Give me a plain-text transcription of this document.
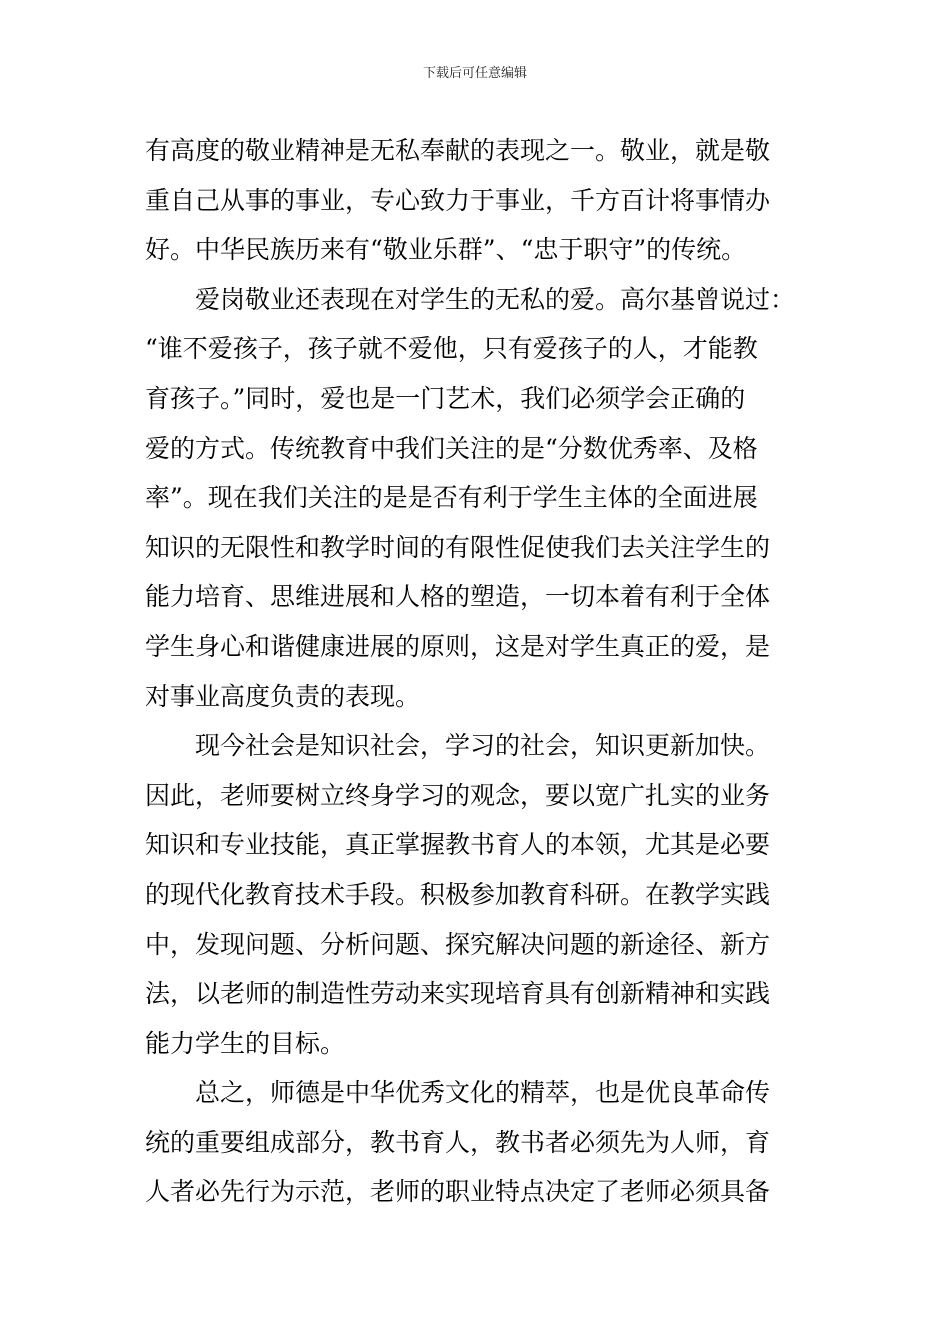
下载后可任意编辑
有高度的敬业精神是无私奉献的表现之一。敬业，就是敬
重自己从事的事业，专心致力于事业，千方百计将事情办
好。中华民族历来有“敬业乐群”、“忠于职守”的传统。
爱岗敬业还表现在对学生的无私的爱。高尔基曾说过：
“谁不爱孩子，孩子就不爱他，只有爱孩子的人，才能教
育孩子。”同时，爱也是一门艺术，我们必须学会正确的
爱的方式。传统教育中我们关注的是“分数优秀率、及格
率”。现在我们关注的是是否有利于学生主体的全面进展
知识的无限性和教学时间的有限性促使我们去关注学生的
能力培育、思维进展和人格的塑造，一切本着有利于全体
学生身心和谐健康进展的原则，这是对学生真正的爱，是
对事业高度负责的表现。
现今社会是知识社会，学习的社会，知识更新加快。
因此，老师要树立终身学习的观念，要以宽广扎实的业务
知识和专业技能，真正掌握教书育人的本领，尤其是必要
的现代化教育技术手段。积极参加教育科研。在教学实践
中，发现问题、分析问题、探究解决问题的新途径、新方
法，以老师的制造性劳动来实现培育具有创新精神和实践
能力学生的目标。
总之，师德是中华优秀文化的精萃，也是优良革命传
统的重要组成部分，教书育人，教书者必须先为人师，育
人者必先行为示范，老师的职业特点决定了老师必须具备
